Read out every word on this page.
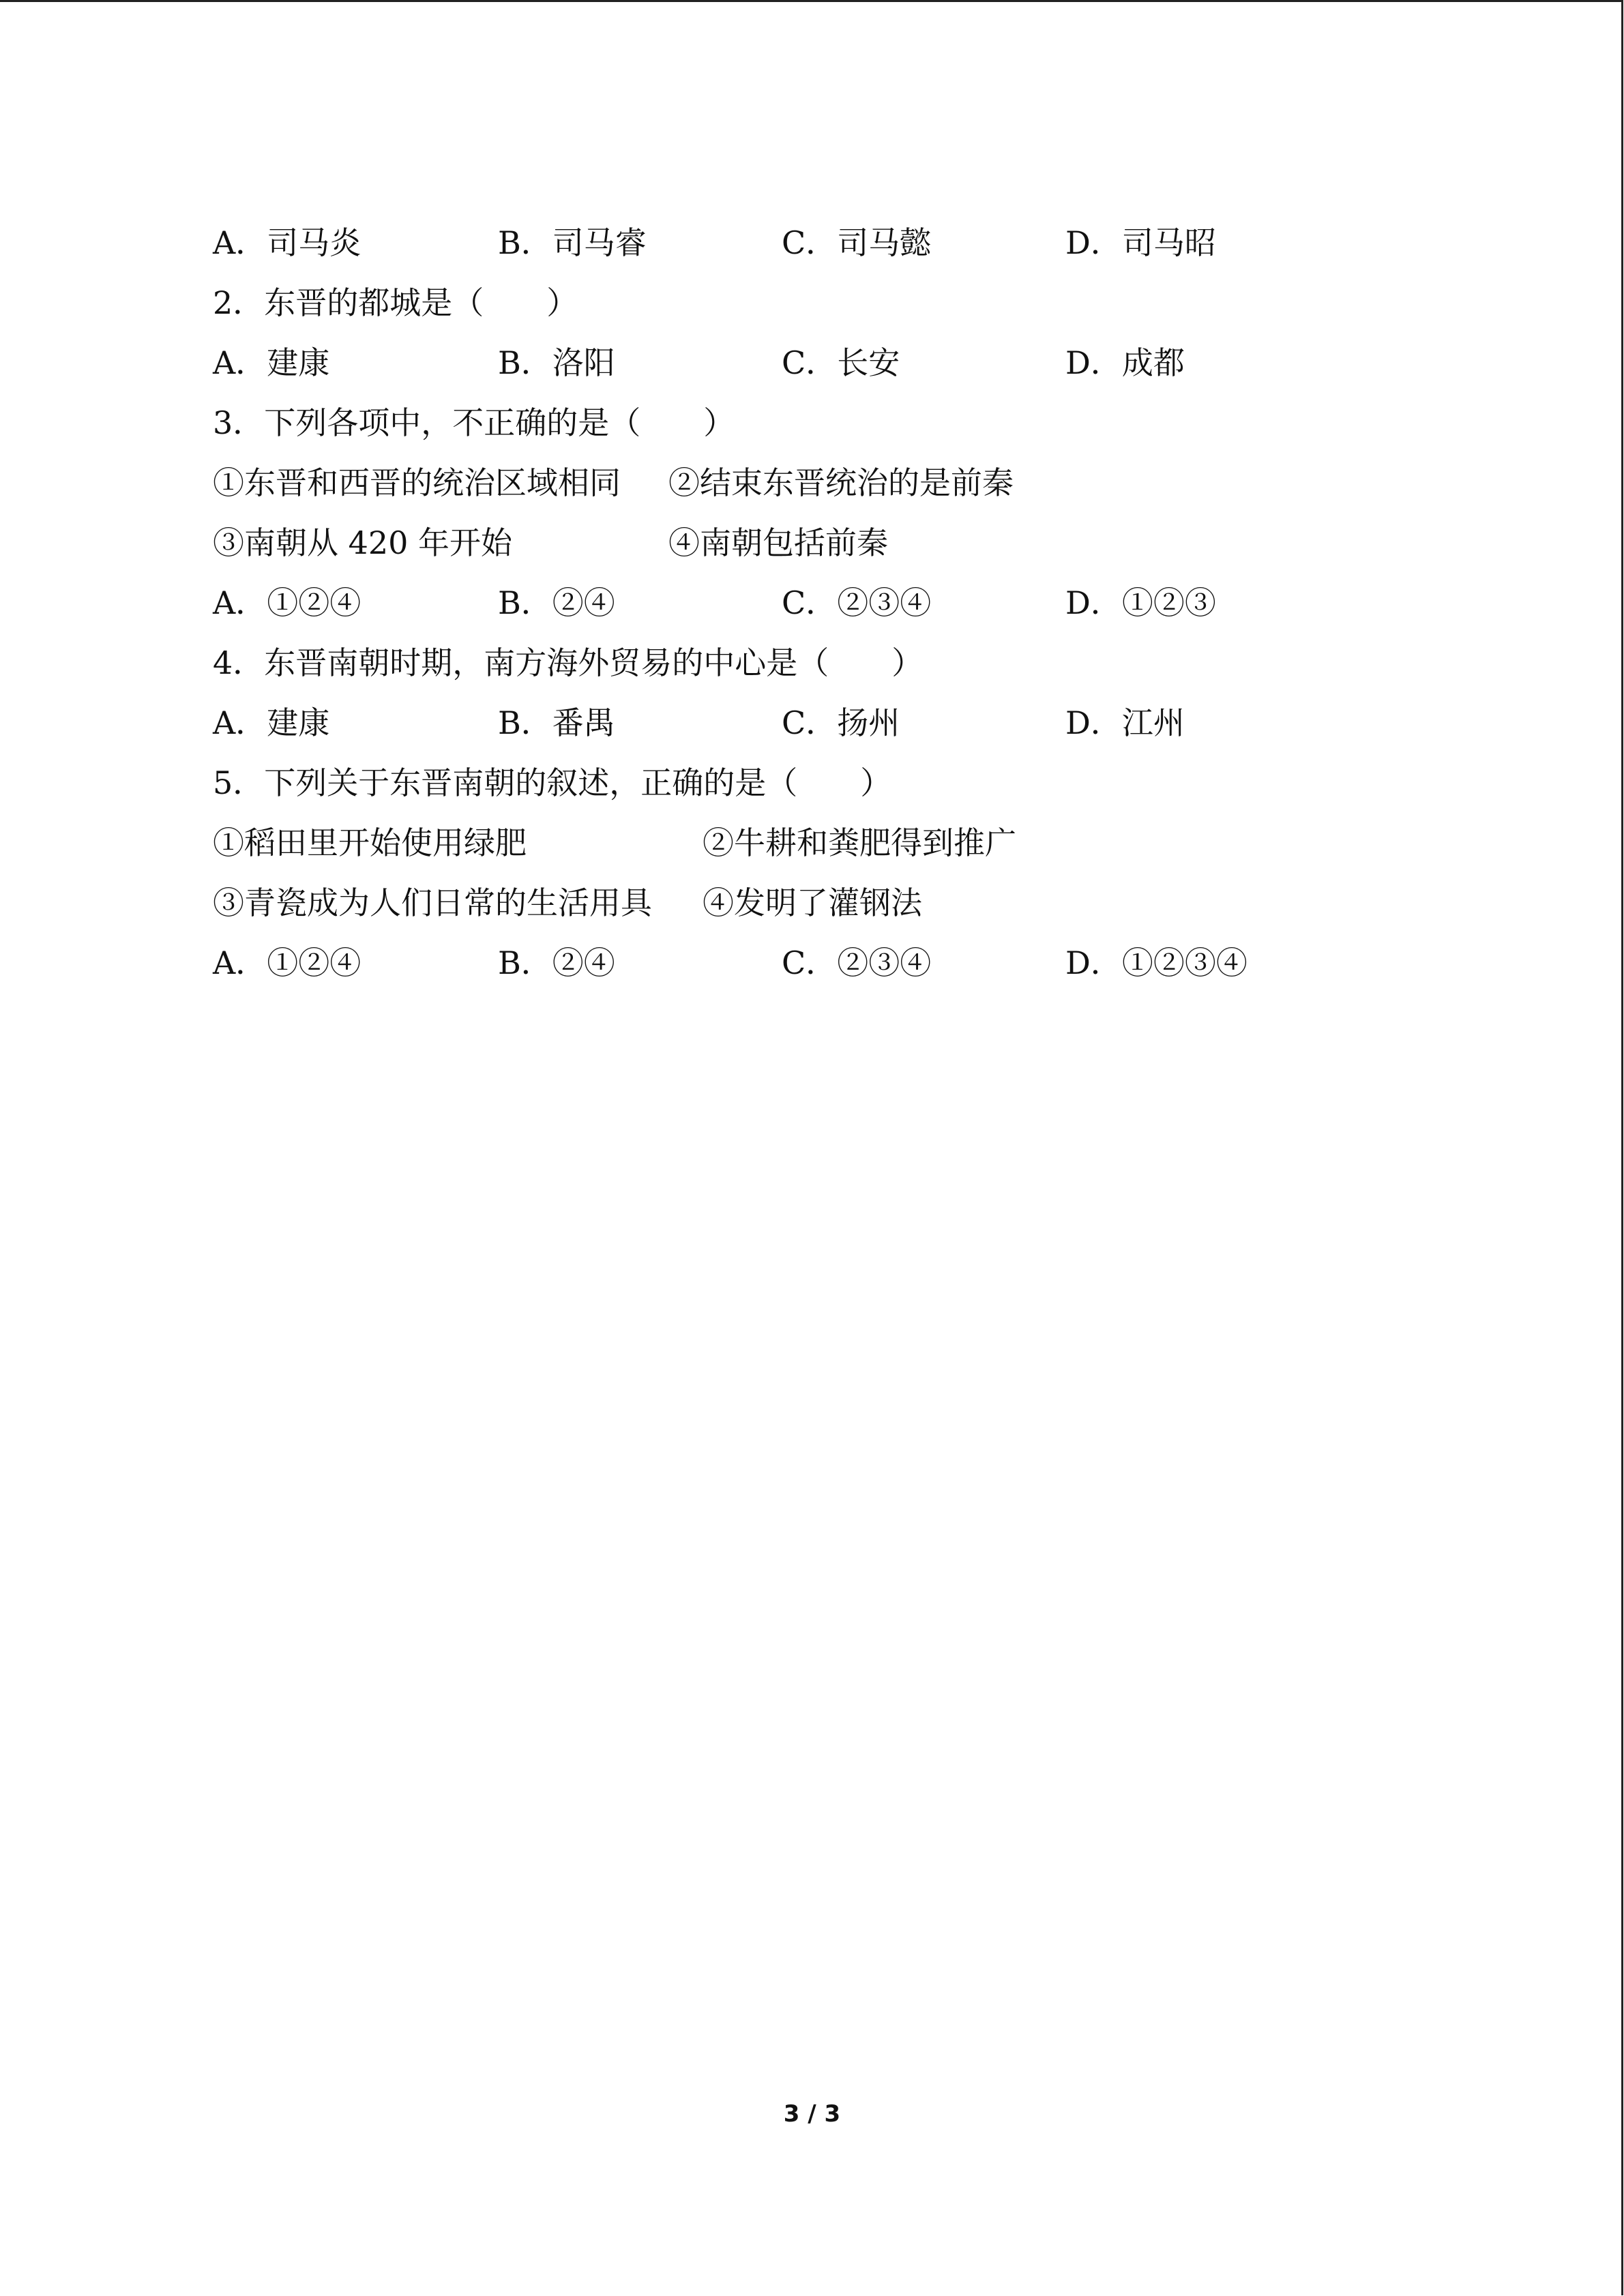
A．司马炎	B．司马睿	C．司马懿	D．司马昭
2．东晋的都城是（　　）
A．建康	B．洛阳	C．长安	D．成都
3．下列各项中，不正确的是（　　）
①东晋和西晋的统治区域相同 ②结束东晋统治的是前秦
③南朝从 420 年开始	④南朝包括前秦
A．①②④	B．②④	C．②③④	D．①②③
4．东晋南朝时期，南方海外贸易的中心是（　　）
A．建康	B．番禺	C．扬州	D．江州
5．下列关于东晋南朝的叙述，正确的是（　　）
①稻田里开始使用绿肥	②牛耕和粪肥得到推广
③青瓷成为人们日常的生活用具 ④发明了灌钢法
A．①②④	B．②④	C．②③④	D．①②③④
3 / 3
